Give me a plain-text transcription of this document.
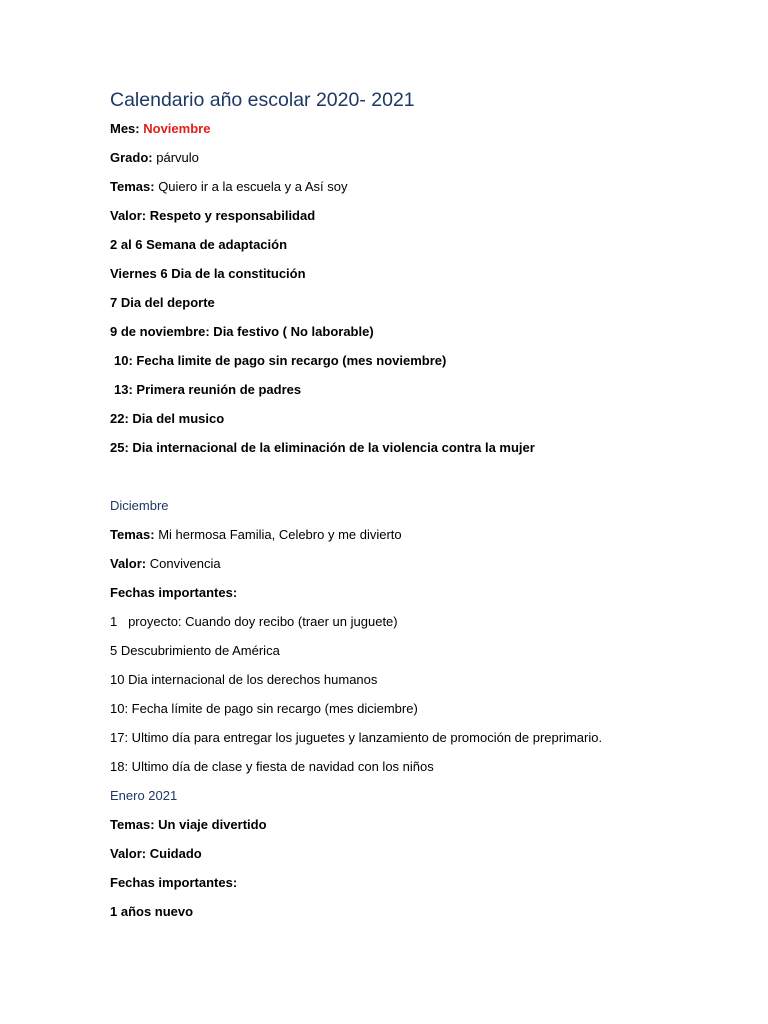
Calendario año escolar 2020- 2021
Mes: Noviembre
Grado: párvulo
Temas: Quiero ir a la escuela y a Así soy
Valor: Respeto y responsabilidad
2 al 6 Semana de adaptación
Viernes 6 Dia de la constitución
7 Dia del deporte
9 de noviembre: Dia festivo ( No laborable)
10: Fecha limite de pago sin recargo (mes noviembre)
13: Primera reunión de padres
22: Dia del musico
25: Dia internacional de la eliminación de la violencia contra la mujer
Diciembre
Temas: Mi hermosa Familia, Celebro y me divierto
Valor: Convivencia
Fechas importantes:
1   proyecto: Cuando doy recibo (traer un juguete)
5 Descubrimiento de América
10 Dia internacional de los derechos humanos
10: Fecha límite de pago sin recargo (mes diciembre)
17: Ultimo día para entregar los juguetes y lanzamiento de promoción de preprimario.
18: Ultimo día de clase y fiesta de navidad con los niños
Enero 2021
Temas: Un viaje divertido
Valor: Cuidado
Fechas importantes:
1 años nuevo
